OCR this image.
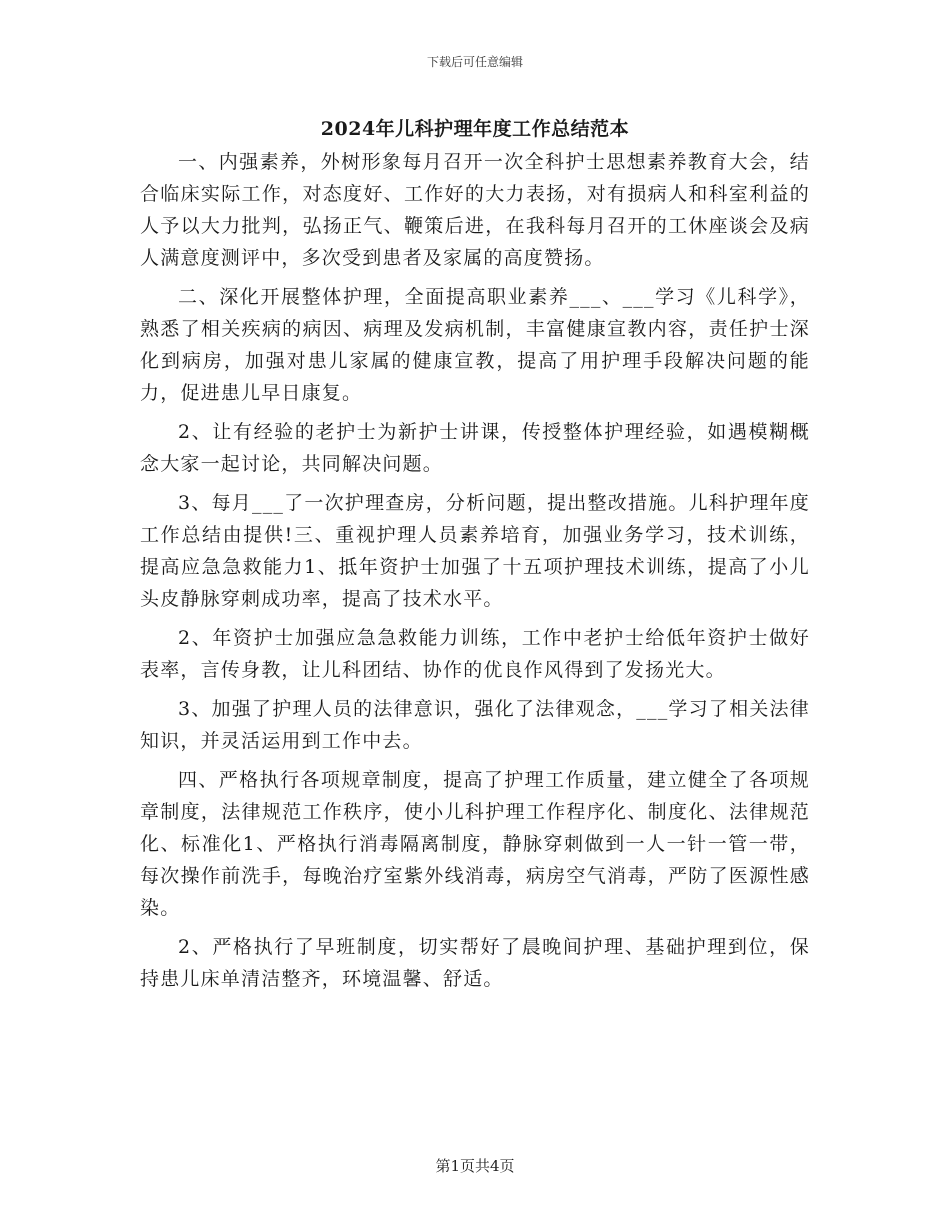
下载后可任意编辑
2024年儿科护理年度工作总结范本

一、内强素养，外树形象每月召开一次全科护士思想素养教育大会，结合临床实际工作，对态度好、工作好的大力表扬，对有损病人和科室利益的人予以大力批判，弘扬正气、鞭策后进，在我科每月召开的工休座谈会及病人满意度测评中，多次受到患者及家属的高度赞扬。

二、深化开展整体护理，全面提高职业素养___、___学习《儿科学》，熟悉了相关疾病的病因、病理及发病机制，丰富健康宣教内容，责任护士深化到病房，加强对患儿家属的健康宣教，提高了用护理手段解决问题的能力，促进患儿早日康复。

2、让有经验的老护士为新护士讲课，传授整体护理经验，如遇模糊概念大家一起讨论，共同解决问题。

3、每月___了一次护理查房，分析问题，提出整改措施。儿科护理年度工作总结由提供!三、重视护理人员素养培育，加强业务学习，技术训练，提高应急急救能力1、抵年资护士加强了十五项护理技术训练，提高了小儿头皮静脉穿刺成功率，提高了技术水平。

2、年资护士加强应急急救能力训练，工作中老护士给低年资护士做好表率，言传身教，让儿科团结、协作的优良作风得到了发扬光大。

3、加强了护理人员的法律意识，强化了法律观念，___学习了相关法律知识，并灵活运用到工作中去。

四、严格执行各项规章制度，提高了护理工作质量，建立健全了各项规章制度，法律规范工作秩序，使小儿科护理工作程序化、制度化、法律规范化、标准化1、严格执行消毒隔离制度，静脉穿刺做到一人一针一管一带，每次操作前洗手，每晚治疗室紫外线消毒，病房空气消毒，严防了医源性感染。

2、严格执行了早班制度，切实帮好了晨晚间护理、基础护理到位，保持患儿床单清洁整齐，环境温馨、舒适。

第1页共4页
